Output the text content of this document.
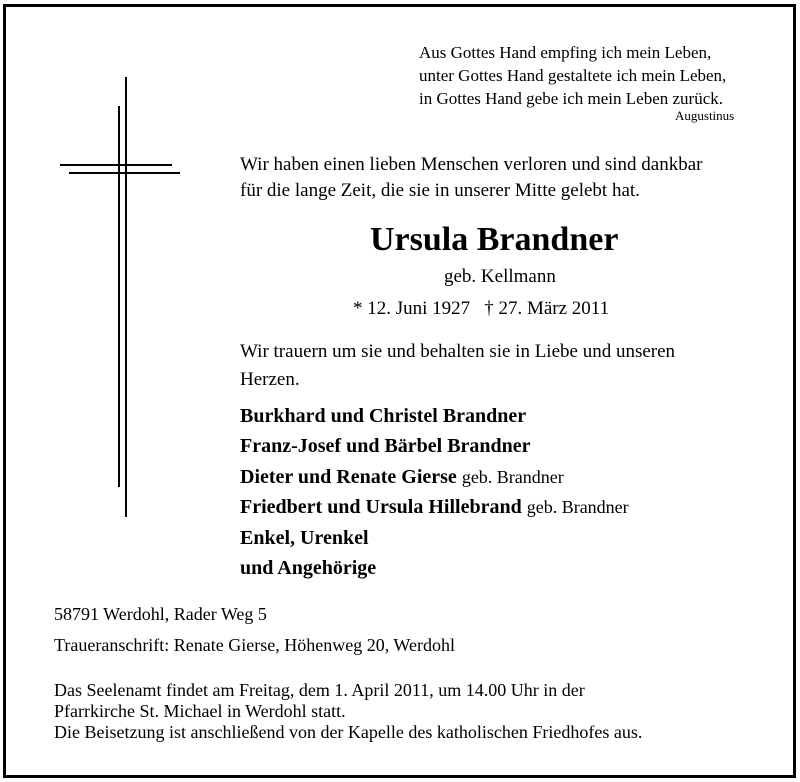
Aus Gottes Hand empfing ich mein Leben,
unter Gottes Hand gestaltete ich mein Leben,
in Gottes Hand gebe ich mein Leben zurück.
Augustinus
Wir haben einen lieben Menschen verloren und sind dankbar
für die lange Zeit, die sie in unserer Mitte gelebt hat.
Ursula Brandner
geb. Kellmann
* 12. Juni 1927 † 27. März 2011
Wir trauern um sie und behalten sie in Liebe und unseren
Herzen.
Burkhard und Christel Brandner
Franz-Josef und Bärbel Brandner
Dieter und Renate Gierse geb. Brandner
Friedbert und Ursula Hillebrand geb. Brandner
Enkel, Urenkel
und Angehörige
58791 Werdohl, Rader Weg 5
Traueranschrift: Renate Gierse, Höhenweg 20, Werdohl
Das Seelenamt findet am Freitag, dem 1. April 2011, um 14.00 Uhr in der
Pfarrkirche St. Michael in Werdohl statt.
Die Beisetzung ist anschließend von der Kapelle des katholischen Friedhofes aus.
